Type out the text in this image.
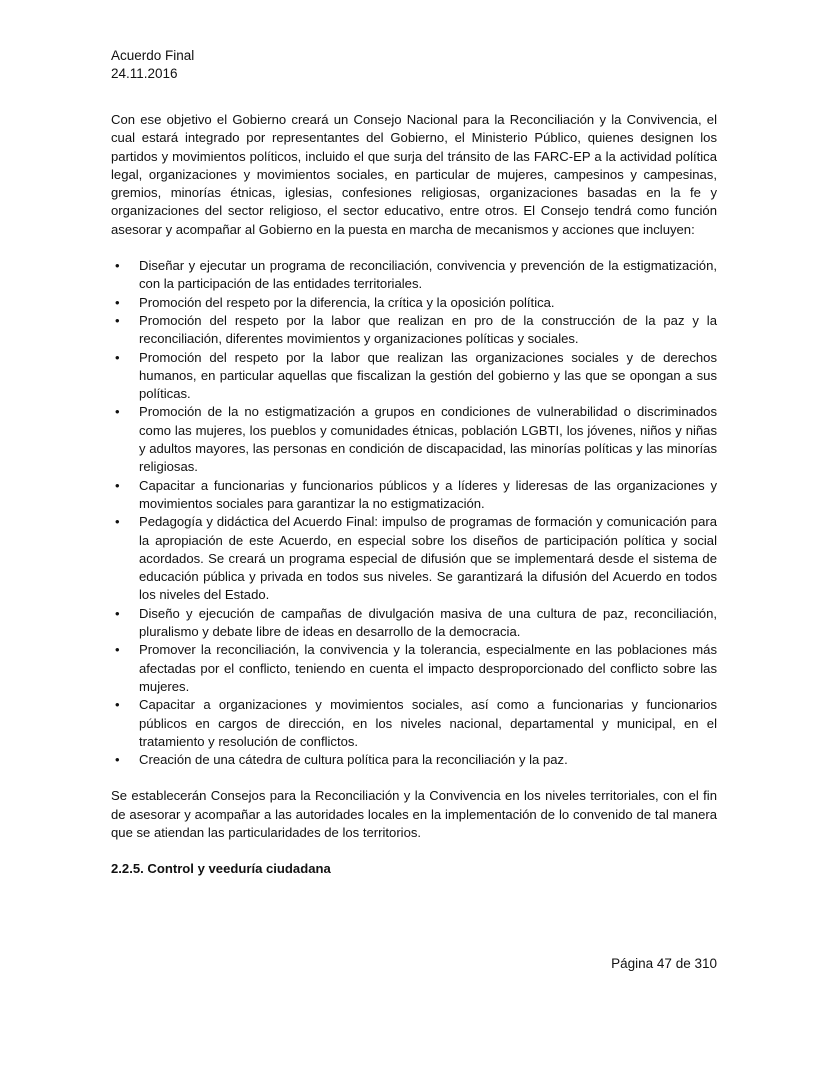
Acuerdo Final
24.11.2016

Con ese objetivo el Gobierno creará un Consejo Nacional para la Reconciliación y la Convivencia, el cual estará integrado por representantes del Gobierno, el Ministerio Público, quienes designen los partidos y movimientos políticos, incluido el que surja del tránsito de las FARC-EP a la actividad política legal, organizaciones y movimientos sociales, en particular de mujeres, campesinos y campesinas, gremios, minorías étnicas, iglesias, confesiones religiosas, organizaciones basadas en la fe y organizaciones del sector religioso, el sector educativo, entre otros. El Consejo tendrá como función asesorar y acompañar al Gobierno en la puesta en marcha de mecanismos y acciones que incluyen:

•	Diseñar y ejecutar un programa de reconciliación, convivencia y prevención de la estigmatización, con la participación de las entidades territoriales.
•	Promoción del respeto por la diferencia, la crítica y la oposición política.
•	Promoción del respeto por la labor que realizan en pro de la construcción de la paz y la reconciliación, diferentes movimientos y organizaciones políticas y sociales.
•	Promoción del respeto por la labor que realizan las organizaciones sociales y de derechos humanos, en particular aquellas que fiscalizan la gestión del gobierno y las que se opongan a sus políticas.
•	Promoción de la no estigmatización a grupos en condiciones de vulnerabilidad o discriminados como las mujeres, los pueblos y comunidades étnicas, población LGBTI, los jóvenes, niños y niñas y adultos mayores, las personas en condición de discapacidad, las minorías políticas y las minorías religiosas.
•	Capacitar a funcionarias y funcionarios públicos y a líderes y lideresas de las organizaciones y movimientos sociales para garantizar la no estigmatización.
•	Pedagogía y didáctica del Acuerdo Final: impulso de programas de formación y comunicación para la apropiación de este Acuerdo, en especial sobre los diseños de participación política y social acordados. Se creará un programa especial de difusión que se implementará desde el sistema de educación pública y privada en todos sus niveles. Se garantizará la difusión del Acuerdo en todos los niveles del Estado.
•	Diseño y ejecución de campañas de divulgación masiva de una cultura de paz, reconciliación, pluralismo y debate libre de ideas en desarrollo de la democracia.
•	Promover la reconciliación, la convivencia y la tolerancia, especialmente en las poblaciones más afectadas por el conflicto, teniendo en cuenta el impacto desproporcionado del conflicto sobre las mujeres.
•	Capacitar a organizaciones y movimientos sociales, así como a funcionarias y funcionarios públicos en cargos de dirección, en los niveles nacional, departamental y municipal, en el tratamiento y resolución de conflictos.
•	Creación de una cátedra de cultura política para la reconciliación y la paz.

Se establecerán Consejos para la Reconciliación y la Convivencia en los niveles territoriales, con el fin de asesorar y acompañar a las autoridades locales en la implementación de lo convenido de tal manera que se atiendan las particularidades de los territorios.

2.2.5. Control y veeduría ciudadana
Página 47 de 310
